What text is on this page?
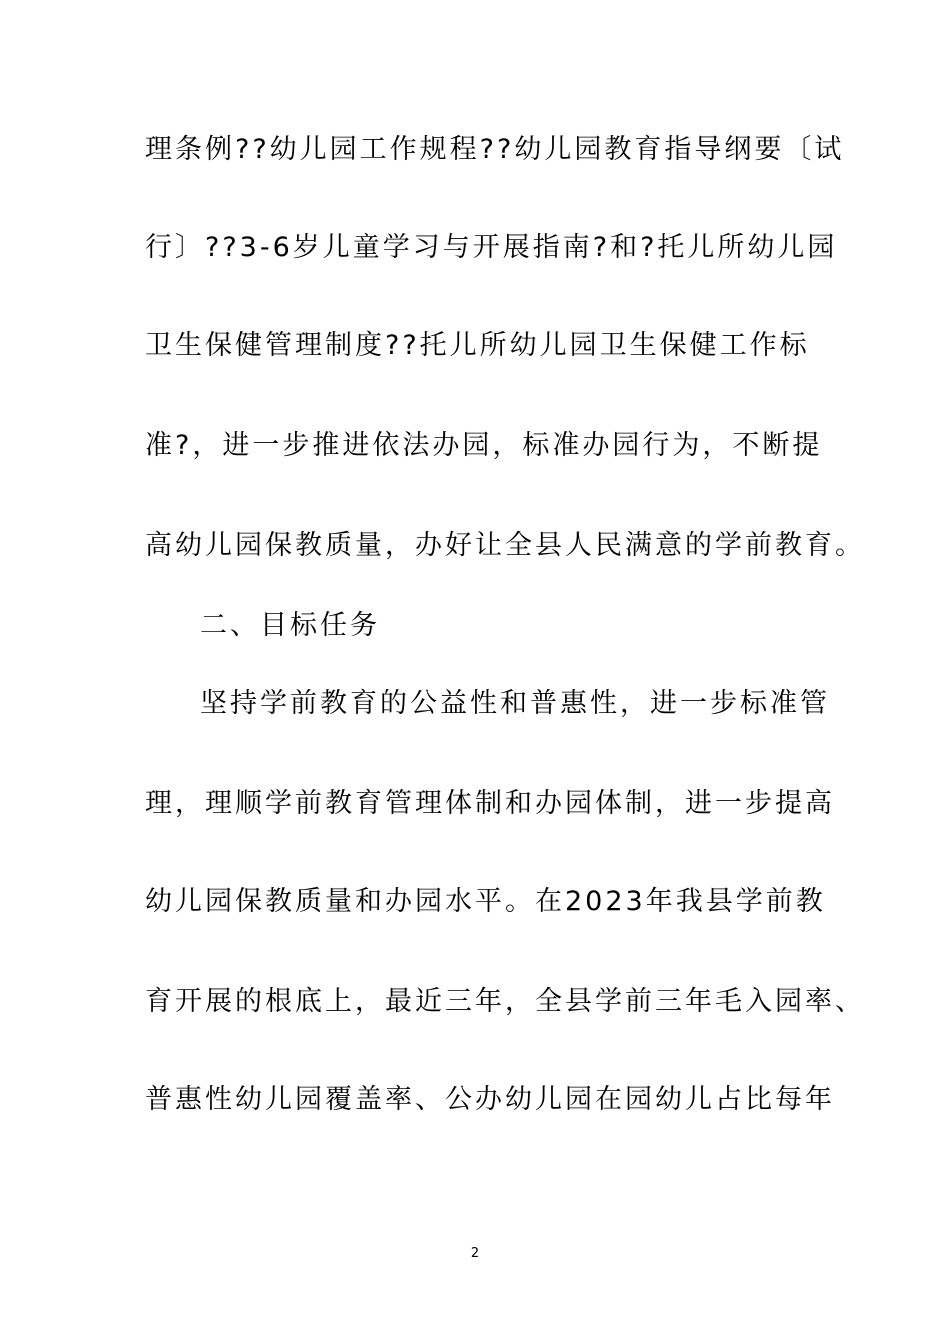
理条例??幼儿园工作规程??幼儿园教育指导纲要〔试
行〕??3-6岁儿童学习与开展指南?和?托儿所幼儿园
卫生保健管理制度??托儿所幼儿园卫生保健工作标
准?，进一步推进依法办园，标准办园行为，不断提
高幼儿园保教质量，办好让全县人民满意的学前教育。
二、目标任务
坚持学前教育的公益性和普惠性，进一步标准管
理，理顺学前教育管理体制和办园体制，进一步提高
幼儿园保教质量和办园水平。在2023年我县学前教
育开展的根底上，最近三年，全县学前三年毛入园率、
普惠性幼儿园覆盖率、公办幼儿园在园幼儿占比每年
2
